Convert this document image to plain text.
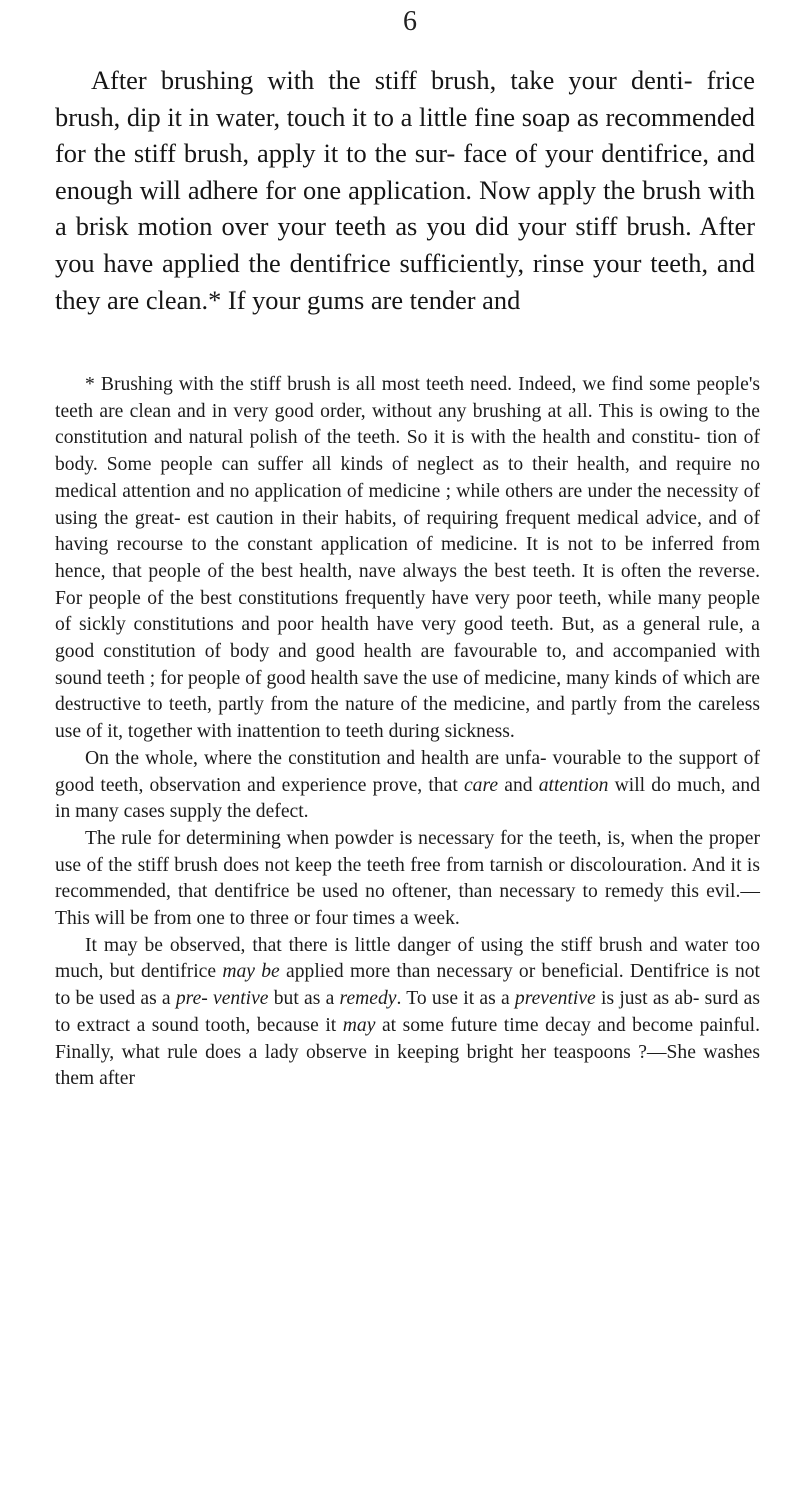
6

After brushing with the stiff brush, take your denti- frice brush, dip it in water, touch it to a little fine soap as recommended for the stiff brush, apply it to the sur- face of your dentifrice, and enough will adhere for one application. Now apply the brush with a brisk motion over your teeth as you did your stiff brush. After you have applied the dentifrice sufficiently, rinse your teeth, and they are clean.* If your gums are tender and

* Brushing with the stiff brush is all most teeth need. Indeed, we find some people's teeth are clean and in very good order, without any brushing at all. This is owing to the constitution and natural polish of the teeth. So it is with the health and constitu- tion of body. Some people can suffer all kinds of neglect as to their health, and require no medical attention and no application of medicine ; while others are under the necessity of using the great- est caution in their habits, of requiring frequent medical advice, and of having recourse to the constant application of medicine. It is not to be inferred from hence, that people of the best health, nave always the best teeth. It is often the reverse. For people of the best constitutions frequently have very poor teeth, while many people of sickly constitutions and poor health have very good teeth. But, as a general rule, a good constitution of body and good health are favourable to, and accompanied with sound teeth ; for people of good health save the use of medicine, many kinds of which are destructive to teeth, partly from the nature of the medicine, and partly from the careless use of it, together with inattention to teeth during sickness.

On the whole, where the constitution and health are unfa- vourable to the support of good teeth, observation and experience prove, that care and attention will do much, and in many cases supply the defect.

The rule for determining when powder is necessary for the teeth, is, when the proper use of the stiff brush does not keep the teeth free from tarnish or discolouration. And it is recommended, that dentifrice be used no oftener, than necessary to remedy this evil.—This will be from one to three or four times a week.

It may be observed, that there is little danger of using the stiff brush and water too much, but dentifrice may be applied more than necessary or beneficial. Dentifrice is not to be used as a pre- ventive but as a remedy. To use it as a preventive is just as ab- surd as to extract a sound tooth, because it may at some future time decay and become painful. Finally, what rule does a lady observe in keeping bright her teaspoons ?—She washes them after
